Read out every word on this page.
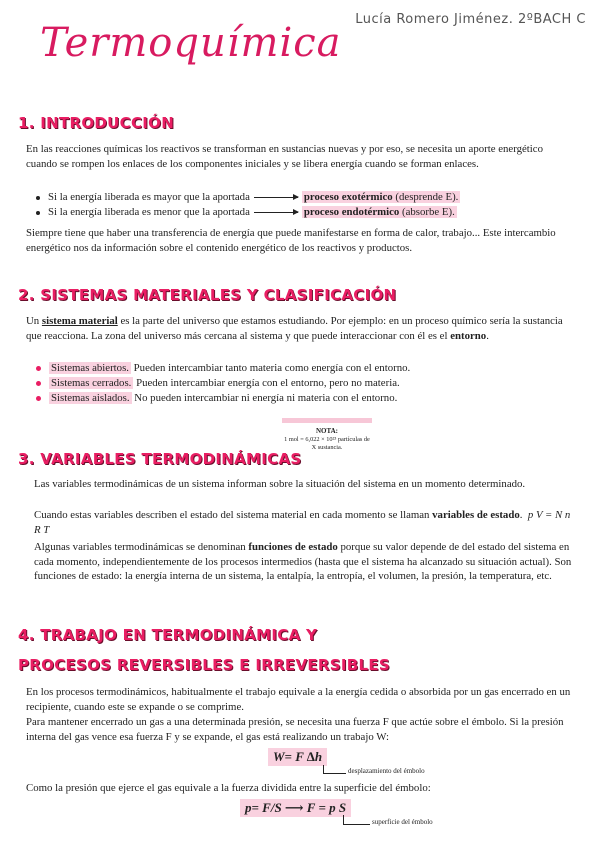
Lucía Romero Jiménez. 2ºBACH C
Termoquímica
1. INTRODUCCIÓN

En las reacciones químicas los reactivos se transforman en sustancias nuevas y por eso, se necesita un aporte energético cuando se rompen los enlaces de los componentes iniciales y se libera energía cuando se forman enlaces.

Si la energía liberada es mayor que la aportada	proceso exotérmico (desprende E).
Si la energía liberada es menor que la aportada	proceso endotérmico (absorbe E).

Siempre tiene que haber una transferencia de energía que puede manifestarse en forma de calor, trabajo... Este intercambio energético nos da información sobre el contenido energético de los reactivos y productos.

2. SISTEMAS MATERIALES Y CLASIFICACIÓN

Un sistema material es la parte del universo que estamos estudiando. Por ejemplo: en un proceso químico sería la sustancia que reacciona. La zona del universo más cercana al sistema y que puede interaccionar con él es el entorno.

Sistemas abiertos. Pueden intercambiar tanto materia como energía con el entorno.
Sistemas cerrados. Pueden intercambiar energía con el entorno, pero no materia.
Sistemas aislados. No pueden intercambiar ni energía ni materia con el entorno.
NOTA:
1 mol = 6,022 × 10²³ partículas de X sustancia.
3. VARIABLES TERMODINÁMICAS

Las variables termodinámicas de un sistema informan sobre la situación del sistema en un momento determinado.

Cuando estas variables describen el estado del sistema material en cada momento se llaman variables de estado.  p V = N n R T

Algunas variables termodinámicas se denominan funciones de estado porque su valor depende de del estado del sistema en cada momento, independientemente de los procesos intermedios (hasta que el sistema ha alcanzado su situación actual). Son funciones de estado: la energía interna de un sistema, la entalpía, la entropía, el volumen, la presión, la temperatura, etc.

4. TRABAJO EN TERMODINÁMICA Y
PROCESOS REVERSIBLES E IRREVERSIBLES

En los procesos termodinámicos, habitualmente el trabajo equivale a la energía cedida o absorbida por un gas encerrado en un recipiente, cuando este se expande o se comprime.

Para mantener encerrado un gas a una determinada presión, se necesita una fuerza F que actúe sobre el émbolo. Si la presión interna del gas vence esa fuerza F y se expande, el gas está realizando un trabajo W:

W= F ∆h
desplazamiento del émbolo

Como la presión que ejerce el gas equivale a la fuerza dividida entre la superficie del émbolo:

p= F/S ⟶ F = p S
superficie del émbolo
